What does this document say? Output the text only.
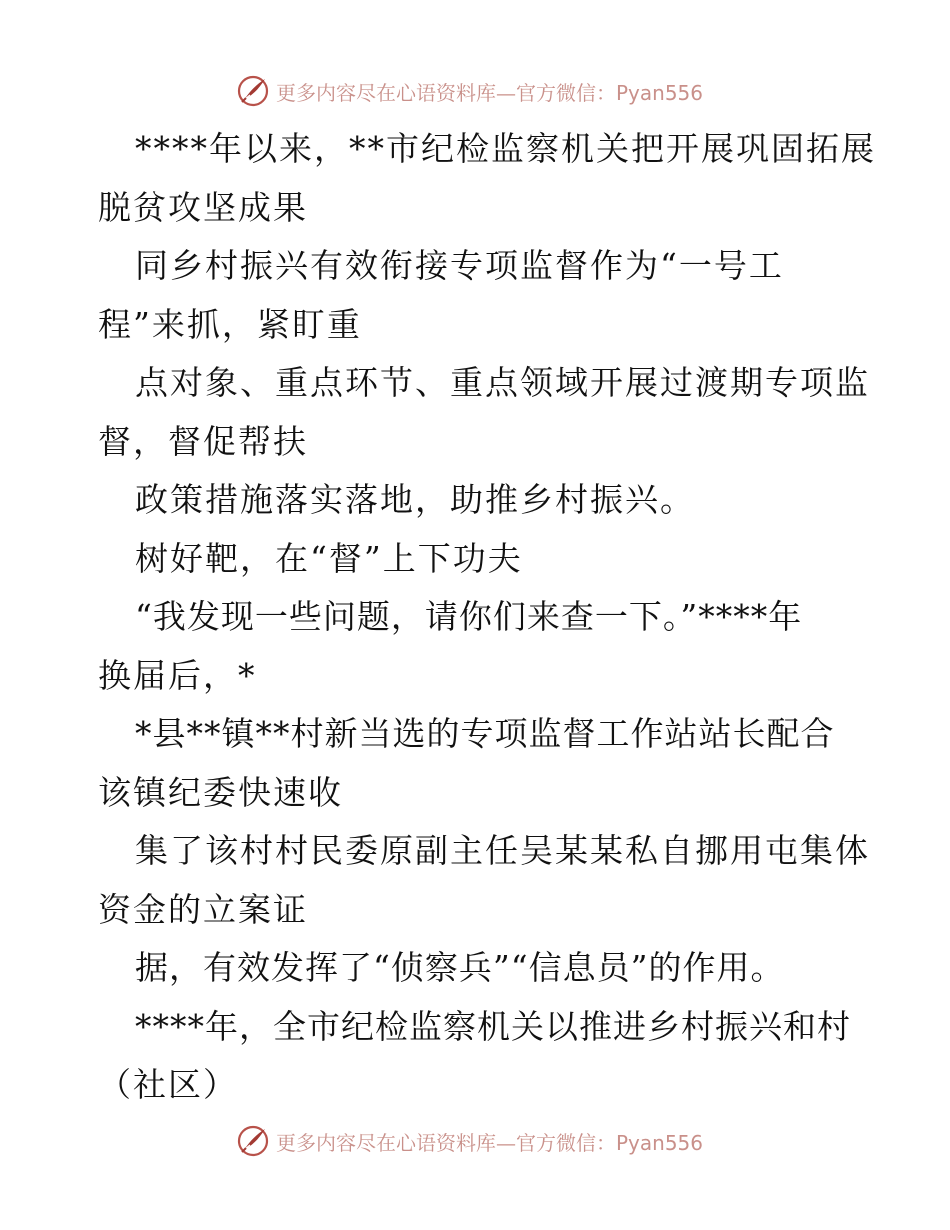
更多内容尽在心语资料库—官方微信：Pyan556
****年以来，**市纪检监察机关把开展巩固拓展
脱贫攻坚成果
同乡村振兴有效衔接专项监督作为“一号工
程”来抓，紧盯重
点对象、重点环节、重点领域开展过渡期专项监
督，督促帮扶
政策措施落实落地，助推乡村振兴。
树好靶，在“督”上下功夫
“我发现一些问题，请你们来查一下。”****年
换届后，*
*县**镇**村新当选的专项监督工作站站长配合
该镇纪委快速收
集了该村村民委原副主任吴某某私自挪用屯集体
资金的立案证
据，有效发挥了“侦察兵”“信息员”的作用。
****年，全市纪检监察机关以推进乡村振兴和村
（社区）
更多内容尽在心语资料库—官方微信：Pyan556
